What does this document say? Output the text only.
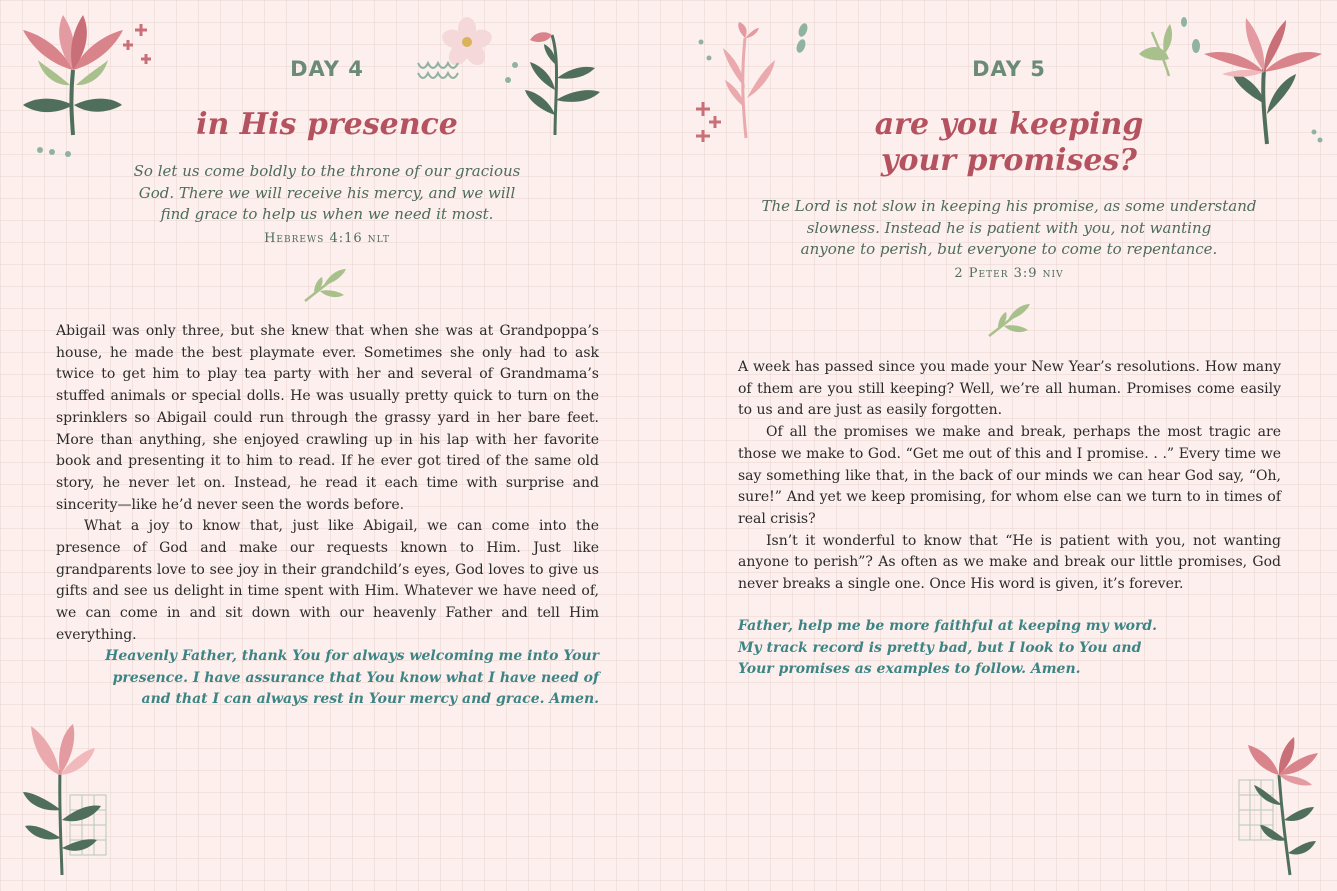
DAY 4
in His presence
So let us come boldly to the throne of our gracious
God. There we will receive his mercy, and we will
find grace to help us when we need it most.
Hebrews 4:16 nlt

Abigail was only three, but she knew that when she was at Grandpoppa’s house, he made the best playmate ever. Sometimes she only had to ask twice to get him to play tea party with her and several of Grandmama’s stuffed animals or special dolls. He was usually pretty quick to turn on the sprinklers so Abigail could run through the grassy yard in her bare feet. More than anything, she enjoyed crawling up in his lap with her favorite book and presenting it to him to read. If he ever got tired of the same old story, he never let on. Instead, he read it each time with surprise and sincerity—like he’d never seen the words before.

What a joy to know that, just like Abigail, we can come into the presence of God and make our requests known to Him. Just like grandparents love to see joy in their grandchild’s eyes, God loves to give us gifts and see us delight in time spent with Him. Whatever we have need of, we can come in and sit down with our heavenly Father and tell Him everything.

Heavenly Father, thank You for always welcoming me into Your
presence. I have assurance that You know what I have need of
and that I can always rest in Your mercy and grace. Amen.
DAY 5
are you keeping
your promises?
The Lord is not slow in keeping his promise, as some understand
slowness. Instead he is patient with you, not wanting
anyone to perish, but everyone to come to repentance.
2 Peter 3:9 niv

A week has passed since you made your New Year’s resolutions. How many of them are you still keeping? Well, we’re all human. Promises come easily to us and are just as easily forgotten.

Of all the promises we make and break, perhaps the most tragic are those we make to God. “Get me out of this and I promise. . .” Every time we say something like that, in the back of our minds we can hear God say, “Oh, sure!” And yet we keep promising, for whom else can we turn to in times of real crisis?

Isn’t it wonderful to know that “He is patient with you, not wanting anyone to perish”? As often as we make and break our little promises, God never breaks a single one. Once His word is given, it’s forever.

Father, help me be more faithful at keeping my word.
My track record is pretty bad, but I look to You and
Your promises as examples to follow. Amen.
